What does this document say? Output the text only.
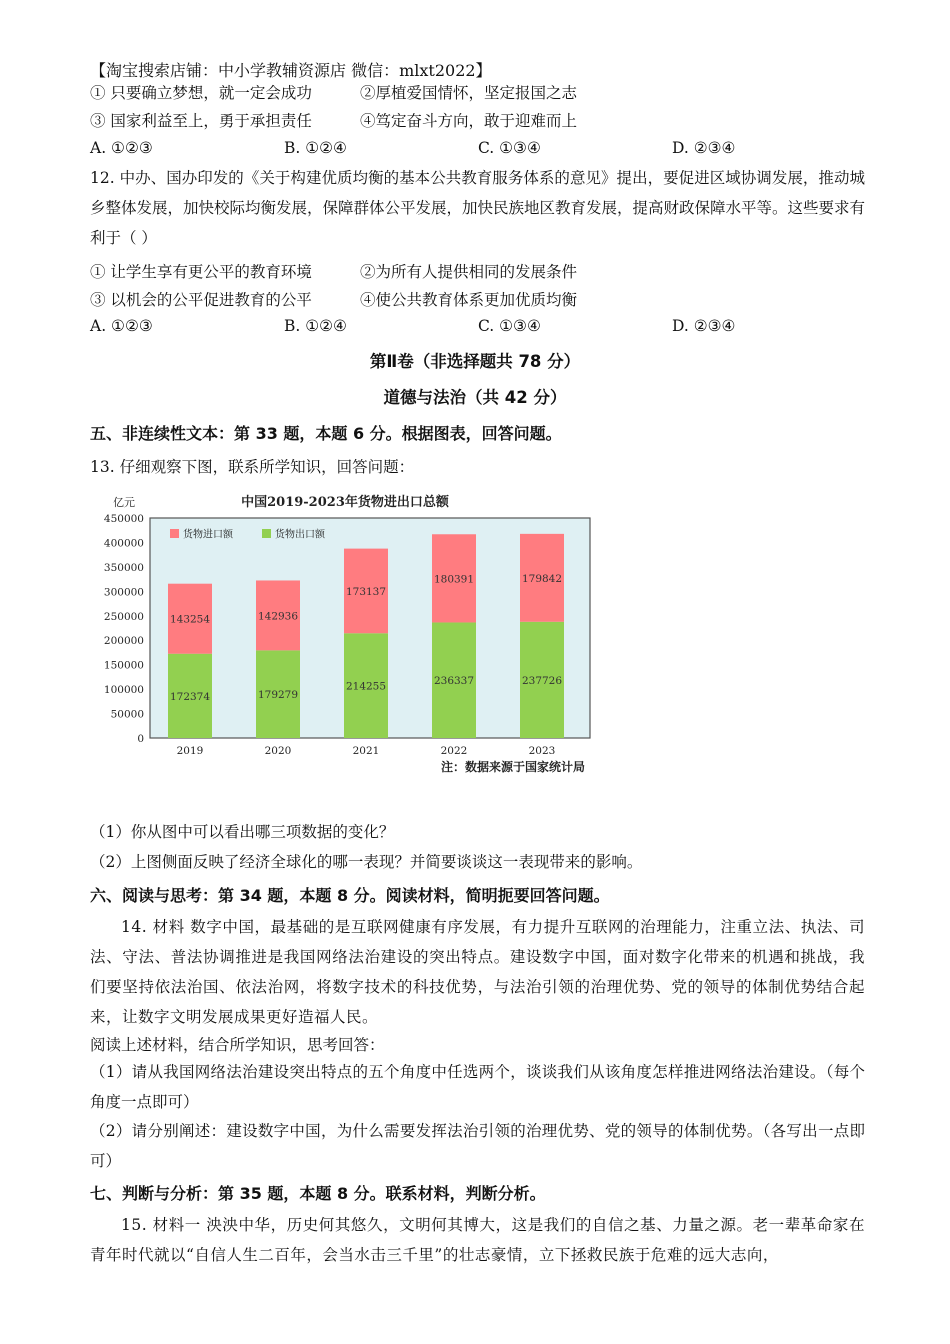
【淘宝搜索店铺：中小学教辅资源店 微信：mlxt2022】
① 只要确立梦想，就一定会成功	②厚植爱国情怀，坚定报国之志
③ 国家利益至上，勇于承担责任	④笃定奋斗方向，敢于迎难而上
A. ①②③	B. ①②④	C. ①③④	D. ②③④
12. 中办、国办印发的《关于构建优质均衡的基本公共教育服务体系的意见》提出，要促进区域协调发展，推动城乡整体发展，加快校际均衡发展，保障群体公平发展，加快民族地区教育发展，提高财政保障水平等。这些要求有利于（ ）
① 让学生享有更公平的教育环境	②为所有人提供相同的发展条件
③ 以机会的公平促进教育的公平	④使公共教育体系更加优质均衡
A. ①②③	B. ①②④	C. ①③④	D. ②③④
第Ⅱ卷（非选择题共 78 分）
道德与法治（共 42 分）
五、非连续性文本：第 33 题，本题 6 分。根据图表，回答问题。
13. 仔细观察下图，联系所学知识，回答问题：
中国2019-2023年货物进出口总额
亿元
450000
400000
350000
300000
250000
200000
150000
100000
50000
0
货物进口额	货物出口额
172374
143254
2019
179279
142936
2020
214255
173137
2021
236337
180391
2022
237726
179842
2023
注：数据来源于国家统计局
（1）你从图中可以看出哪三项数据的变化？
（2）上图侧面反映了经济全球化的哪一表现？并简要谈谈这一表现带来的影响。
六、阅读与思考：第 34 题，本题 8 分。阅读材料，简明扼要回答问题。
14. 材料 数字中国，最基础的是互联网健康有序发展，有力提升互联网的治理能力，注重立法、执法、司法、守法、普法协调推进是我国网络法治建设的突出特点。建设数字中国，面对数字化带来的机遇和挑战，我们要坚持依法治国、依法治网，将数字技术的科技优势，与法治引领的治理优势、党的领导的体制优势结合起来，让数字文明发展成果更好造福人民。
阅读上述材料，结合所学知识，思考回答：
（1）请从我国网络法治建设突出特点的五个角度中任选两个，谈谈我们从该角度怎样推进网络法治建设。（每个角度一点即可）
（2）请分别阐述：建设数字中国，为什么需要发挥法治引领的治理优势、党的领导的体制优势。（各写出一点即可）
七、判断与分析：第 35 题，本题 8 分。联系材料，判断分析。
15. 材料一 泱泱中华，历史何其悠久，文明何其博大，这是我们的自信之基、力量之源。老一辈革命家在青年时代就以“自信人生二百年，会当水击三千里”的壮志豪情，立下拯救民族于危难的远大志向，
